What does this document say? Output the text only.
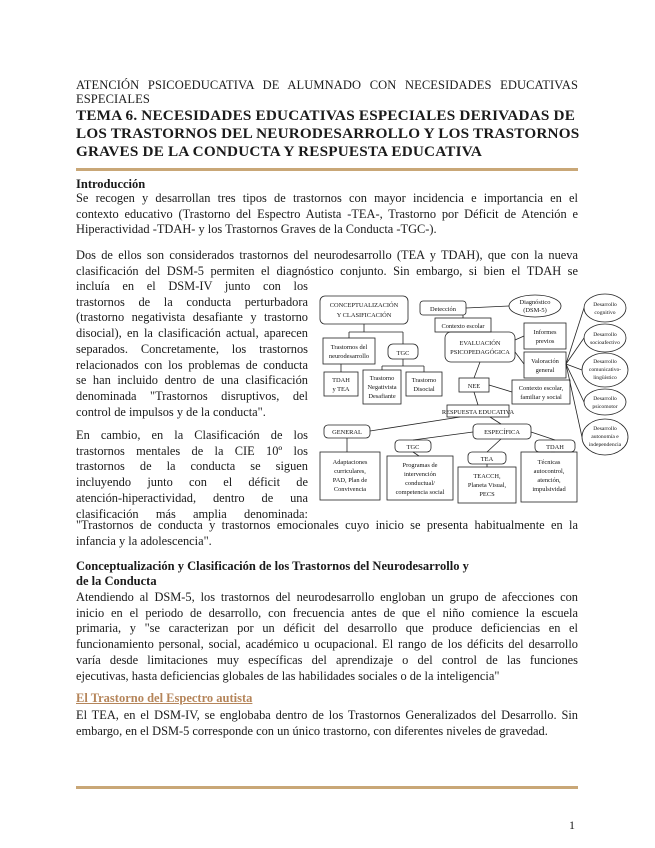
ATENCIÓN PSICOEDUCATIVA DE ALUMNADO CON NECESIDADES EDUCATIVAS ESPECIALES
TEMA 6. NECESIDADES EDUCATIVAS ESPECIALES DERIVADAS DE LOS TRASTORNOS DEL NEURODESARROLLO Y LOS TRASTORNOS GRAVES DE LA CONDUCTA Y RESPUESTA EDUCATIVA
Introducción
Se recogen y desarrollan tres tipos de trastornos con mayor incidencia e importancia en el
contexto educativo (Trastorno del Espectro Autista -TEA-, Trastorno por Déficit de Atención e
Hiperactividad -TDAH- y los Trastornos Graves de la Conducta -TGC-).
Dos de ellos son considerados trastornos del neurodesarrollo (TEA y TDAH), que con la nueva
clasificación del DSM-5 permiten el diagnóstico conjunto. Sin embargo, si bien el TDAH se
incluía en el DSM-IV junto con los
trastornos de la conducta perturbadora
(trastorno negativista desafiante y trastorno
disocial), en la clasificación actual, aparecen
separados. Concretamente, los trastornos
relacionados con los problemas de conducta
se han incluido dentro de una clasificación
denominada "Trastornos disruptivos, del
control de impulsos y de la conducta".
En cambio, en la Clasificación de los
trastornos mentales de la CIE 10º los
trastornos de la conducta se siguen
incluyendo junto con el déficit de
atención-hiperactividad, dentro de una
clasificación más amplia denominada:
"Trastornos de conducta y trastornos emocionales cuyo inicio se presenta habitualmente en la
infancia y la adolescencia".
CONCEPTUALIZACIÓN
Y CLASIFICACIÓN
Trastornos del
neurodesarrollo	TGC
TDAH
y TEA
Trastorno
Negativista
Desafiante
Trastorno
Disocial
Detección
Diagnóstico
(DSM-5)
Contexto escolar
Informes
previos
EVALUACIÓN
PSICOPEDAGÓGICA
Valoración
general
NEE	Contexto escolar,
familiar y social
RESPUESTA EDUCATIVA
GENERAL	ESPECÍFICA
TGC
TEA
TDAH
Adaptaciones
curriculares,
PAD, Plan de
Convivencia
Programas de
intervención
conductual/
competencia social
TEACCH,
Planeta Visual,
PECS
Técnicas
autocontrol,
atención,
impulsividad
Desarrollo
cognitivo
Desarrollo
socioafectivo
Desarrollo
comunicativo-
lingüístico
Desarrollo
psicomotor
Desarrollo
autonomía e
independencia
Conceptualización y Clasificación de los Trastornos del Neurodesarrollo y
de la Conducta
Atendiendo al DSM-5, los trastornos del neurodesarrollo engloban un grupo de afecciones con
inicio en el periodo de desarrollo, con frecuencia antes de que el niño comience la escuela
primaria, y "se caracterizan por un déficit del desarrollo que produce deficiencias en el
funcionamiento personal, social, académico u ocupacional. El rango de los déficits del desarrollo
varía desde limitaciones muy específicas del aprendizaje o del control de las funciones
ejecutivas, hasta deficiencias globales de las habilidades sociales o de la inteligencia"
El Trastorno del Espectro autista
El TEA, en el DSM-IV, se englobaba dentro de los Trastornos Generalizados del Desarrollo. Sin
embargo, en el DSM-5 corresponde con un único trastorno, con diferentes niveles de gravedad.
1
